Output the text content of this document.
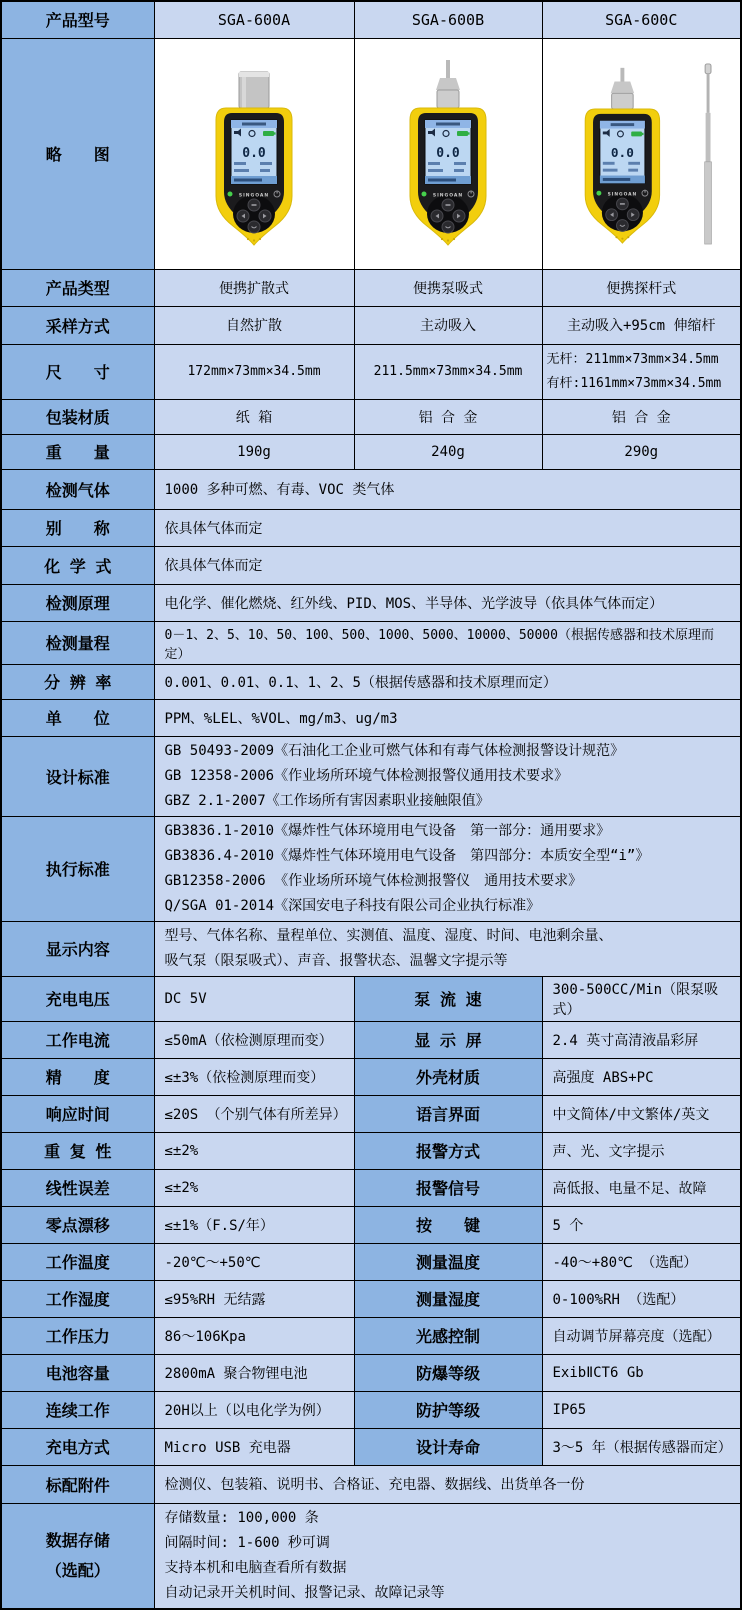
产品型号	SGA-600A	SGA-600B	SGA-600C
略　　图	0.0
SINGOAN	0.0
SINGOAN	0.0
SINGOAN

产品类型	便携扩散式	便携泵吸式	便携探杆式
采样方式	自然扩散	主动吸入	主动吸入+95cm 伸缩杆
尺　　寸	172mm×73mm×34.5mm	211.5mm×73mm×34.5mm	无杆：211mm×73mm×34.5mm
有杆:1161mm×73mm×34.5mm
包装材质	纸 箱	铝 合 金	铝 合 金
重　　量	190g	240g	290g
检测气体	1000 多种可燃、有毒、VOC 类气体		
别　　称	依具体气体而定		
化 学 式	依具体气体而定		
检测原理	电化学、催化燃烧、红外线、PID、MOS、半导体、光学波导（依具体气体而定）		
检测量程	0－1、2、5、10、50、100、500、1000、5000、10000、50000（根据传感器和技术原理而定）		
分 辨 率	0.001、0.01、0.1、1、2、5（根据传感器和技术原理而定）		
单　　位	PPM、%LEL、%VOL、mg/m3、ug/m3		
设计标准	GB 50493-2009《石油化工企业可燃气体和有毒气体检测报警设计规范》
GB 12358-2006《作业场所环境气体检测报警仪通用技术要求》
GBZ 2.1-2007《工作场所有害因素职业接触限值》		
执行标准	GB3836.1-2010《爆炸性气体环境用电气设备　第一部分：通用要求》
GB3836.4-2010《爆炸性气体环境用电气设备　第四部分：本质安全型“i”》
GB12358-2006 《作业场所环境气体检测报警仪　通用技术要求》
Q/SGA 01-2014《深国安电子科技有限公司企业执行标准》		
显示内容	型号、气体名称、量程单位、实测值、温度、湿度、时间、电池剩余量、
吸气泵（限泵吸式）、声音、报警状态、温馨文字提示等		
充电电压	DC 5V	泵 流 速	300-500CC/Min（限泵吸式）
工作电流	≤50mA（依检测原理而变）	显 示 屏	2.4 英寸高清液晶彩屏
精　　度	≤±3%（依检测原理而变）	外壳材质	高强度 ABS+PC
响应时间	≤20S （个别气体有所差异）	语言界面	中文简体/中文繁体/英文
重 复 性	≤±2%	报警方式	声、光、文字提示
线性误差	≤±2%	报警信号	高低报、电量不足、故障
零点漂移	≤±1%（F.S/年）	按　　键	5 个
工作温度	-20℃～+50℃	测量温度	-40～+80℃ （选配）
工作湿度	≤95%RH 无结露	测量湿度	0-100%RH （选配）
工作压力	86～106Kpa	光感控制	自动调节屏幕亮度（选配）
电池容量	2800mA 聚合物锂电池	防爆等级	ExibⅡCT6 Gb
连续工作	20H以上（以电化学为例）	防护等级	IP65
充电方式	Micro USB 充电器	设计寿命	3～5 年（根据传感器而定）
标配附件	检测仪、包装箱、说明书、合格证、充电器、数据线、出货单各一份		
数据存储
（选配）	存储数量: 100,000 条
间隔时间: 1-600 秒可调
支持本机和电脑查看所有数据
自动记录开关机时间、报警记录、故障记录等		
